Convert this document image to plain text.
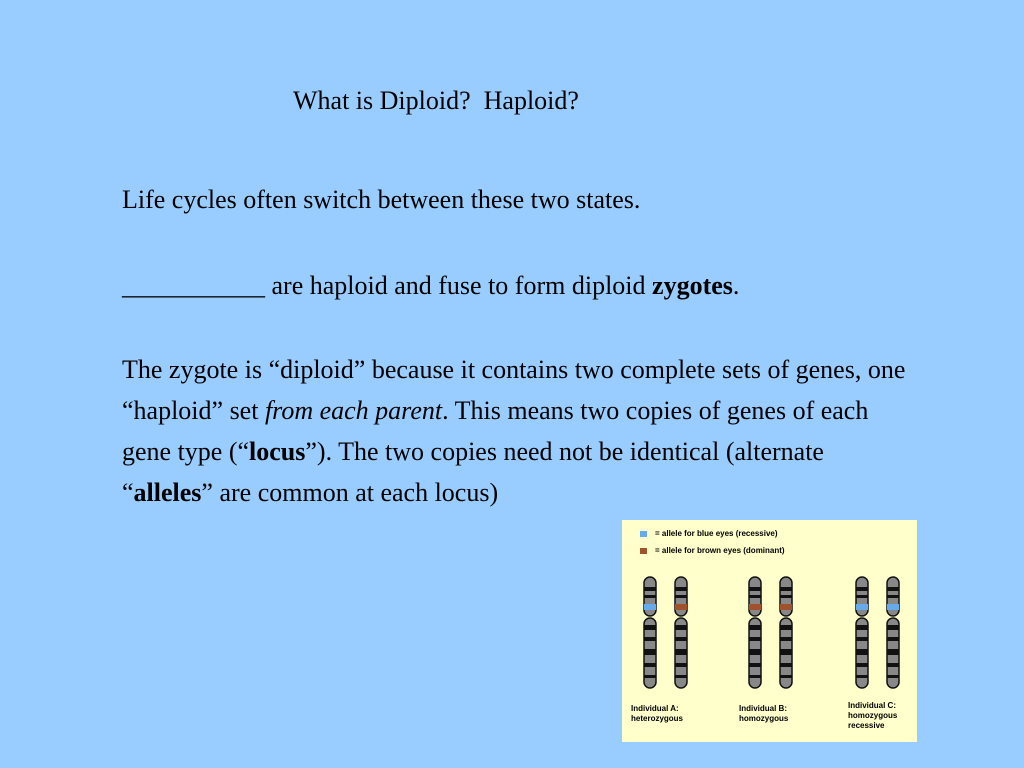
What is Diploid?  Haploid?
Life cycles often switch between these two states.
___________ are haploid and fuse to form diploid zygotes.
The zygote is “diploid” because it contains two complete sets of genes, one “haploid” set from each parent. This means two copies of genes of each gene type (“locus”). The two copies need not be identical (alternate “alleles” are common at each locus)
= allele for blue eyes (recessive)
= allele for brown eyes (dominant)
Individual A:
heterozygous
Individual B:
homozygous
Individual C:
homozygous
recessive
